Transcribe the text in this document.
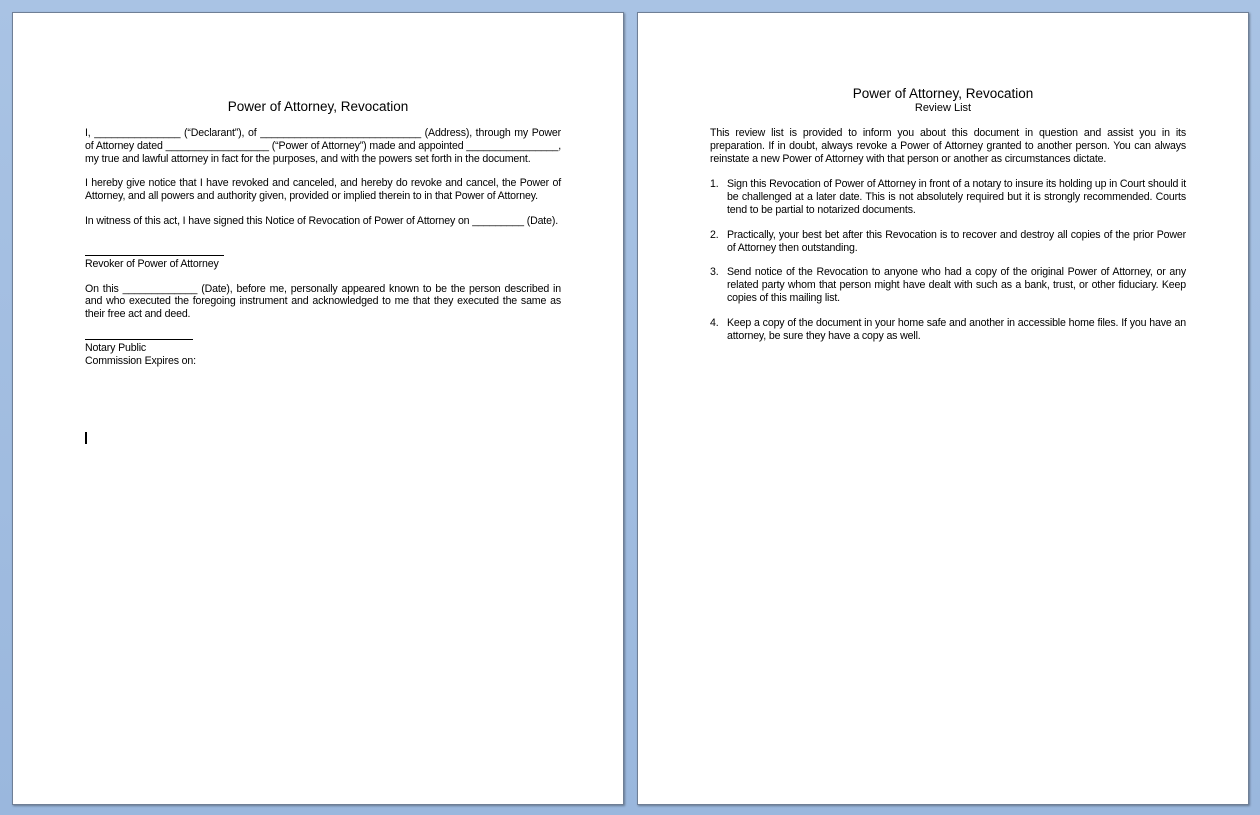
Power of Attorney, Revocation

I, _______________ (“Declarant”), of ____________________________ (Address), through my Power of Attorney dated __________________ (“Power of Attorney”) made and appointed ________________, my true and lawful attorney in fact for the purposes, and with the powers set forth in the document.

I hereby give notice that I have revoked and canceled, and hereby do revoke and cancel, the Power of Attorney, and all powers and authority given, provided or implied therein to in that Power of Attorney.

In witness of this act, I have signed this Notice of Revocation of Power of Attorney on _________ (Date).

Revoker of Power of Attorney

On this _____________ (Date), before me, personally appeared known to be the person described in and who executed the foregoing instrument and acknowledged to me that they executed the same as their free act and deed.

Notary Public

Commission Expires on:

Power of Attorney, Revocation
Review List

This review list is provided to inform you about this document in question and assist you in its preparation. If in doubt, always revoke a Power of Attorney granted to another person. You can always reinstate a new Power of Attorney with that person or another as circumstances dictate.

1. Sign this Revocation of Power of Attorney in front of a notary to insure its holding up in Court should it be challenged at a later date. This is not absolutely required but it is strongly recommended. Courts tend to be partial to notarized documents.
2. Practically, your best bet after this Revocation is to recover and destroy all copies of the prior Power of Attorney then outstanding.
3. Send notice of the Revocation to anyone who had a copy of the original Power of Attorney, or any related party whom that person might have dealt with such as a bank, trust, or other fiduciary. Keep copies of this mailing list.
4. Keep a copy of the document in your home safe and another in accessible home files. If you have an attorney, be sure they have a copy as well.
